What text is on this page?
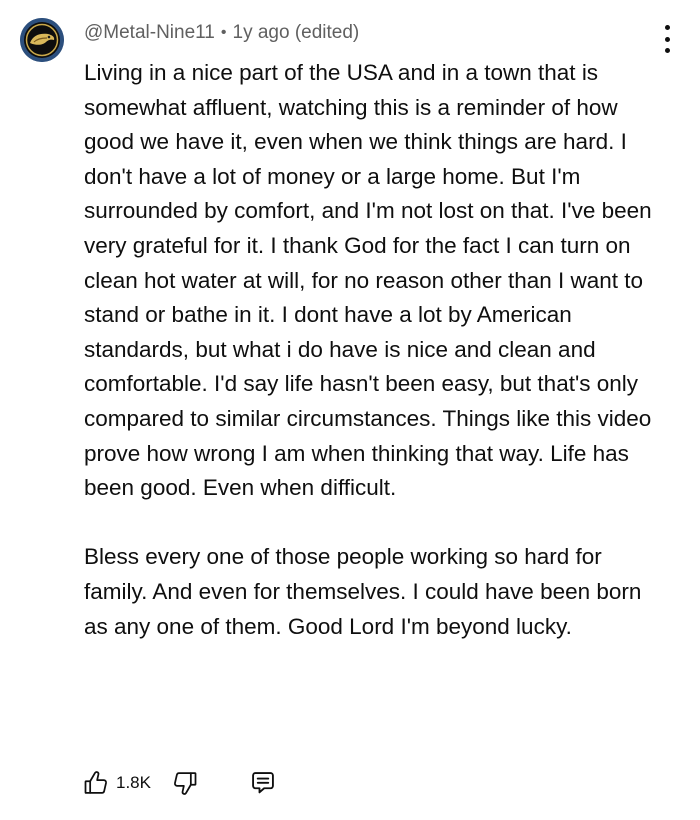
@Metal-Nine11 • 1y ago (edited)

Living in a nice part of the USA and in a town that is somewhat affluent, watching this is a reminder of how good we have it, even when we think things are hard. I don't have a lot of money or a large home. But I'm surrounded by comfort, and I'm not lost on that. I've been very grateful for it. I thank God for the fact I can turn on clean hot water at will, for no reason other than I want to stand or bathe in it. I dont have a lot by American standards, but what i do have is nice and clean and comfortable. I'd say life hasn't been easy, but that's only compared to similar circumstances. Things like this video prove how wrong I am when thinking that way. Life has been good. Even when difficult.

Bless every one of those people working so hard for family. And even for themselves. I could have been born as any one of them. Good Lord I'm beyond lucky.

1.8K
